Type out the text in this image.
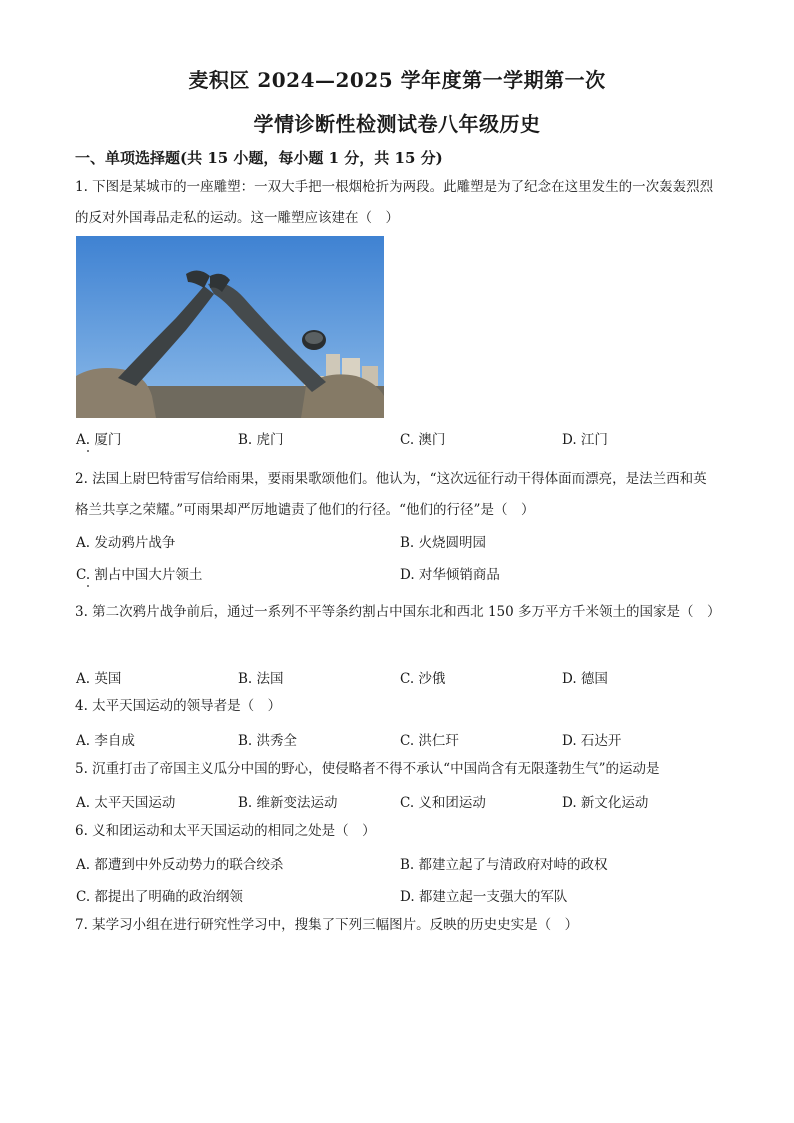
麦积区 2024—2025 学年度第一学期第一次
学情诊断性检测试卷八年级历史
一、单项选择题(共 15 小题，每小题 1 分，共 15 分)
1. 下图是某城市的一座雕塑：一双大手把一根烟枪折为两段。此雕塑是为了纪念在这里发生的一次轰轰烈烈的反对外国毒品走私的运动。这一雕塑应该建在（　）
A. 厦门	B. 虎门	C. 澳门	D. 江门
2. 法国上尉巴特雷写信给雨果，要雨果歌颂他们。他认为，“这次远征行动干得体面而漂亮，是法兰西和英格兰共享之荣耀。”可雨果却严厉地谴责了他们的行径。“他们的行径”是（　）
A. 发动鸦片战争	B. 火烧圆明园
C. 割占中国大片领土	D. 对华倾销商品
3. 第二次鸦片战争前后，通过一系列不平等条约割占中国东北和西北 150 多万平方千米领土的国家是（　）
A. 英国	B. 法国	C. 沙俄	D. 德国
4. 太平天国运动的领导者是（　）
A. 李自成	B. 洪秀全	C. 洪仁玕	D. 石达开
5. 沉重打击了帝国主义瓜分中国的野心，使侵略者不得不承认“中国尚含有无限蓬勃生气”的运动是
A. 太平天国运动	B. 维新变法运动	C. 义和团运动	D. 新文化运动
6. 义和团运动和太平天国运动的相同之处是（　）
A. 都遭到中外反动势力的联合绞杀	B. 都建立起了与清政府对峙的政权
C. 都提出了明确的政治纲领	D. 都建立起一支强大的军队
7. 某学习小组在进行研究性学习中，搜集了下列三幅图片。反映的历史史实是（　）
